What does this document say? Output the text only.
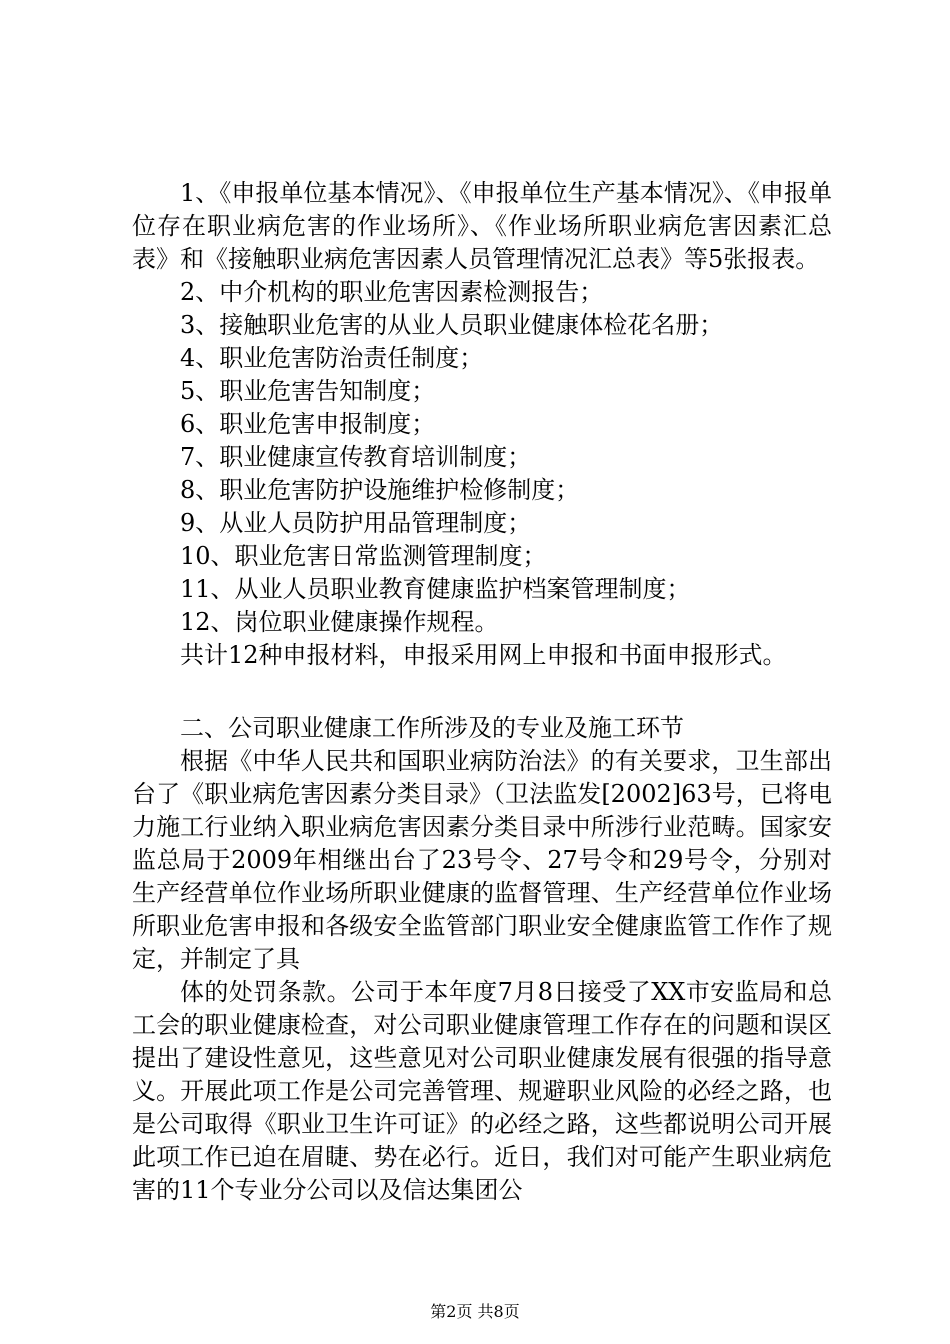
1、《申报单位基本情况》、《申报单位生产基本情况》、《申报单位存在职业病危害的作业场所》、《作业场所职业病危害因素汇总表》和《接触职业病危害因素人员管理情况汇总表》等5张报表。

2、中介机构的职业危害因素检测报告；

3、接触职业危害的从业人员职业健康体检花名册；

4、职业危害防治责任制度；

5、职业危害告知制度；

6、职业危害申报制度；

7、职业健康宣传教育培训制度；

8、职业危害防护设施维护检修制度；

9、从业人员防护用品管理制度；

10、职业危害日常监测管理制度；

11、从业人员职业教育健康监护档案管理制度；

12、岗位职业健康操作规程。

共计12种申报材料，申报采用网上申报和书面申报形式。

二、公司职业健康工作所涉及的专业及施工环节

根据《中华人民共和国职业病防治法》的有关要求，卫生部出台了《职业病危害因素分类目录》（卫法监发[2002]63号，已将电力施工行业纳入职业病危害因素分类目录中所涉行业范畴。国家安监总局于2009年相继出台了23号令、27号令和29号令，分别对生产经营单位作业场所职业健康的监督管理、生产经营单位作业场所职业危害申报和各级安全监管部门职业安全健康监管工作作了规定，并制定了具

体的处罚条款。公司于本年度7月8日接受了XX市安监局和总工会的职业健康检查，对公司职业健康管理工作存在的问题和误区提出了建设性意见，这些意见对公司职业健康发展有很强的指导意义。开展此项工作是公司完善管理、规避职业风险的必经之路，也是公司取得《职业卫生许可证》的必经之路，这些都说明公司开展此项工作已迫在眉睫、势在必行。近日，我们对可能产生职业病危害的11个专业分公司以及信达集团公

第2页 共8页
